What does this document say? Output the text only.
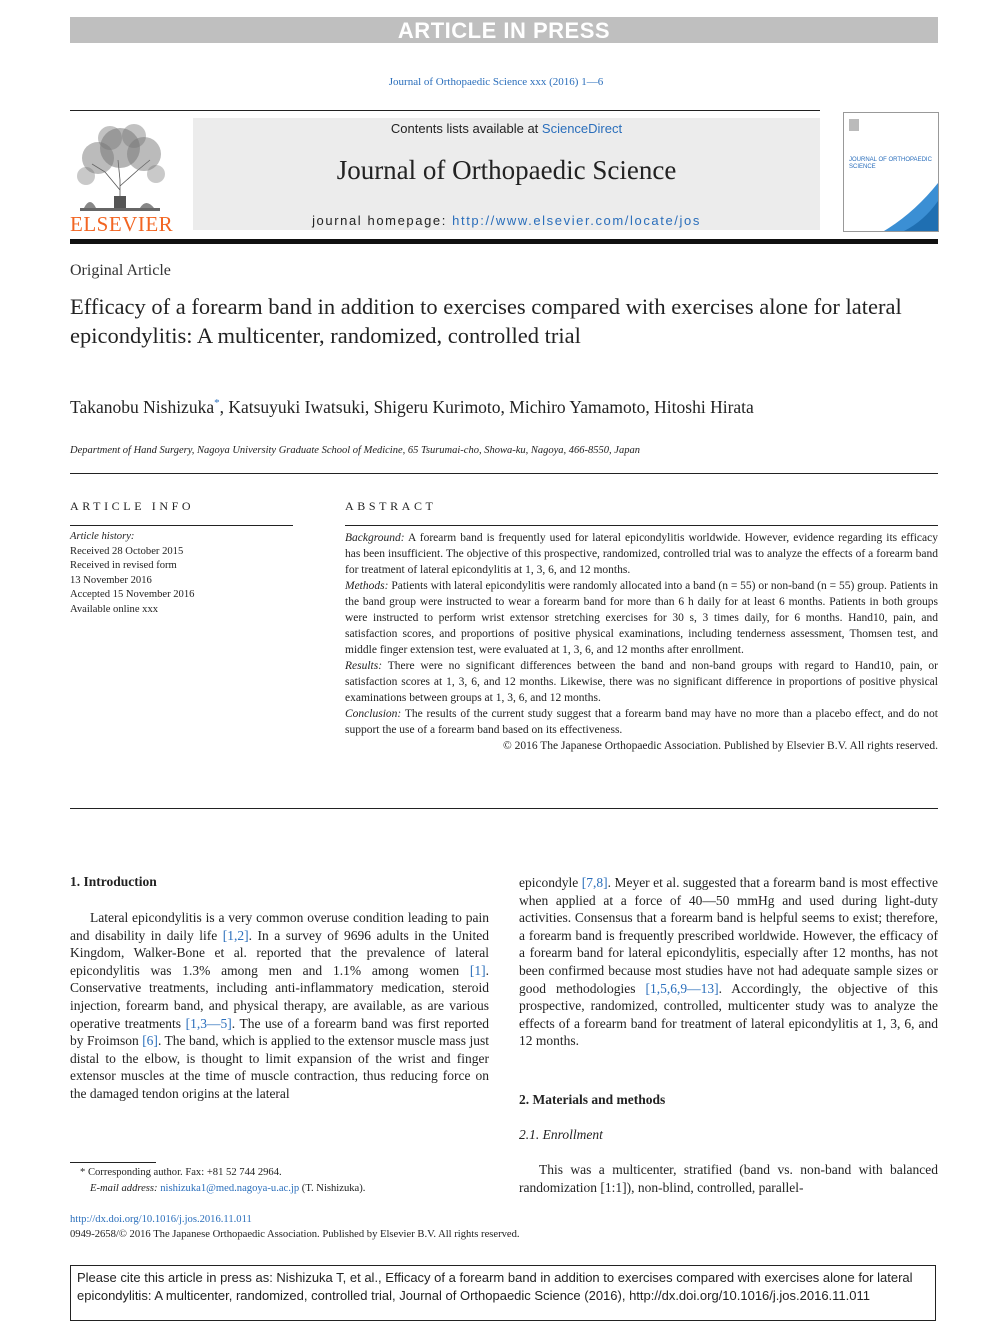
ARTICLE IN PRESS
Journal of Orthopaedic Science xxx (2016) 1—6
ELSEVIER
Contents lists available at ScienceDirect
Journal of Orthopaedic Science
journal homepage: http://www.elsevier.com/locate/jos
JOURNAL OF ORTHOPAEDIC SCIENCE
Original Article
Efficacy of a forearm band in addition to exercises compared with exercises alone for lateral epicondylitis: A multicenter, randomized, controlled trial
Takanobu Nishizuka*, Katsuyuki Iwatsuki, Shigeru Kurimoto, Michiro Yamamoto, Hitoshi Hirata
Department of Hand Surgery, Nagoya University Graduate School of Medicine, 65 Tsurumai-cho, Showa-ku, Nagoya, 466-8550, Japan
ARTICLE INFO
Article history:
Received 28 October 2015
Received in revised form
13 November 2016
Accepted 15 November 2016
Available online xxx
ABSTRACT

Background: A forearm band is frequently used for lateral epicondylitis worldwide. However, evidence regarding its efficacy has been insufficient. The objective of this prospective, randomized, controlled trial was to analyze the effects of a forearm band for treatment of lateral epicondylitis at 1, 3, 6, and 12 months.

Methods: Patients with lateral epicondylitis were randomly allocated into a band (n = 55) or non-band (n = 55) group. Patients in the band group were instructed to wear a forearm band for more than 6 h daily for at least 6 months. Patients in both groups were instructed to perform wrist extensor stretching exercises for 30 s, 3 times daily, for 6 months. Hand10, pain, and satisfaction scores, and proportions of positive physical examinations, including tenderness assessment, Thomsen test, and middle finger extension test, were evaluated at 1, 3, 6, and 12 months after enrollment.

Results: There were no significant differences between the band and non-band groups with regard to Hand10, pain, or satisfaction scores at 1, 3, 6, and 12 months. Likewise, there was no significant difference in proportions of positive physical examinations between groups at 1, 3, 6, and 12 months.

Conclusion: The results of the current study suggest that a forearm band may have no more than a placebo effect, and do not support the use of a forearm band based on its effectiveness.

© 2016 The Japanese Orthopaedic Association. Published by Elsevier B.V. All rights reserved.

1. Introduction

Lateral epicondylitis is a very common overuse condition leading to pain and disability in daily life [1,2]. In a survey of 9696 adults in the United Kingdom, Walker-Bone et al. reported that the prevalence of lateral epicondylitis was 1.3% among men and 1.1% among women [1]. Conservative treatments, including anti-inflammatory medication, steroid injection, forearm band, and physical therapy, are available, as are various operative treatments [1,3—5]. The use of a forearm band was first reported by Froimson [6]. The band, which is applied to the extensor muscle mass just distal to the elbow, is thought to limit expansion of the wrist and finger extensor muscles at the time of muscle contraction, thus reducing force on the damaged tendon origins at the lateral

epicondyle [7,8]. Meyer et al. suggested that a forearm band is most effective when applied at a force of 40—50 mmHg and used during light-duty activities. Consensus that a forearm band is helpful seems to exist; therefore, a forearm band is frequently prescribed worldwide. However, the efficacy of a forearm band for lateral epicondylitis, especially after 12 months, has not been confirmed because most studies have not had adequate sample sizes or good methodologies [1,5,6,9—13]. Accordingly, the objective of this prospective, randomized, controlled, multicenter study was to analyze the effects of a forearm band for treatment of lateral epicondylitis at 1, 3, 6, and 12 months.

2. Materials and methods
2.1. Enrollment

This was a multicenter, stratified (band vs. non-band with balanced randomization [1:1]), non-blind, controlled, parallel-

* Corresponding author. Fax: +81 52 744 2964.
E-mail address: nishizuka1@med.nagoya-u.ac.jp (T. Nishizuka).
http://dx.doi.org/10.1016/j.jos.2016.11.011
0949-2658/© 2016 The Japanese Orthopaedic Association. Published by Elsevier B.V. All rights reserved.
Please cite this article in press as: Nishizuka T, et al., Efficacy of a forearm band in addition to exercises compared with exercises alone for lateral epicondylitis: A multicenter, randomized, controlled trial, Journal of Orthopaedic Science (2016), http://dx.doi.org/10.1016/j.jos.2016.11.011
